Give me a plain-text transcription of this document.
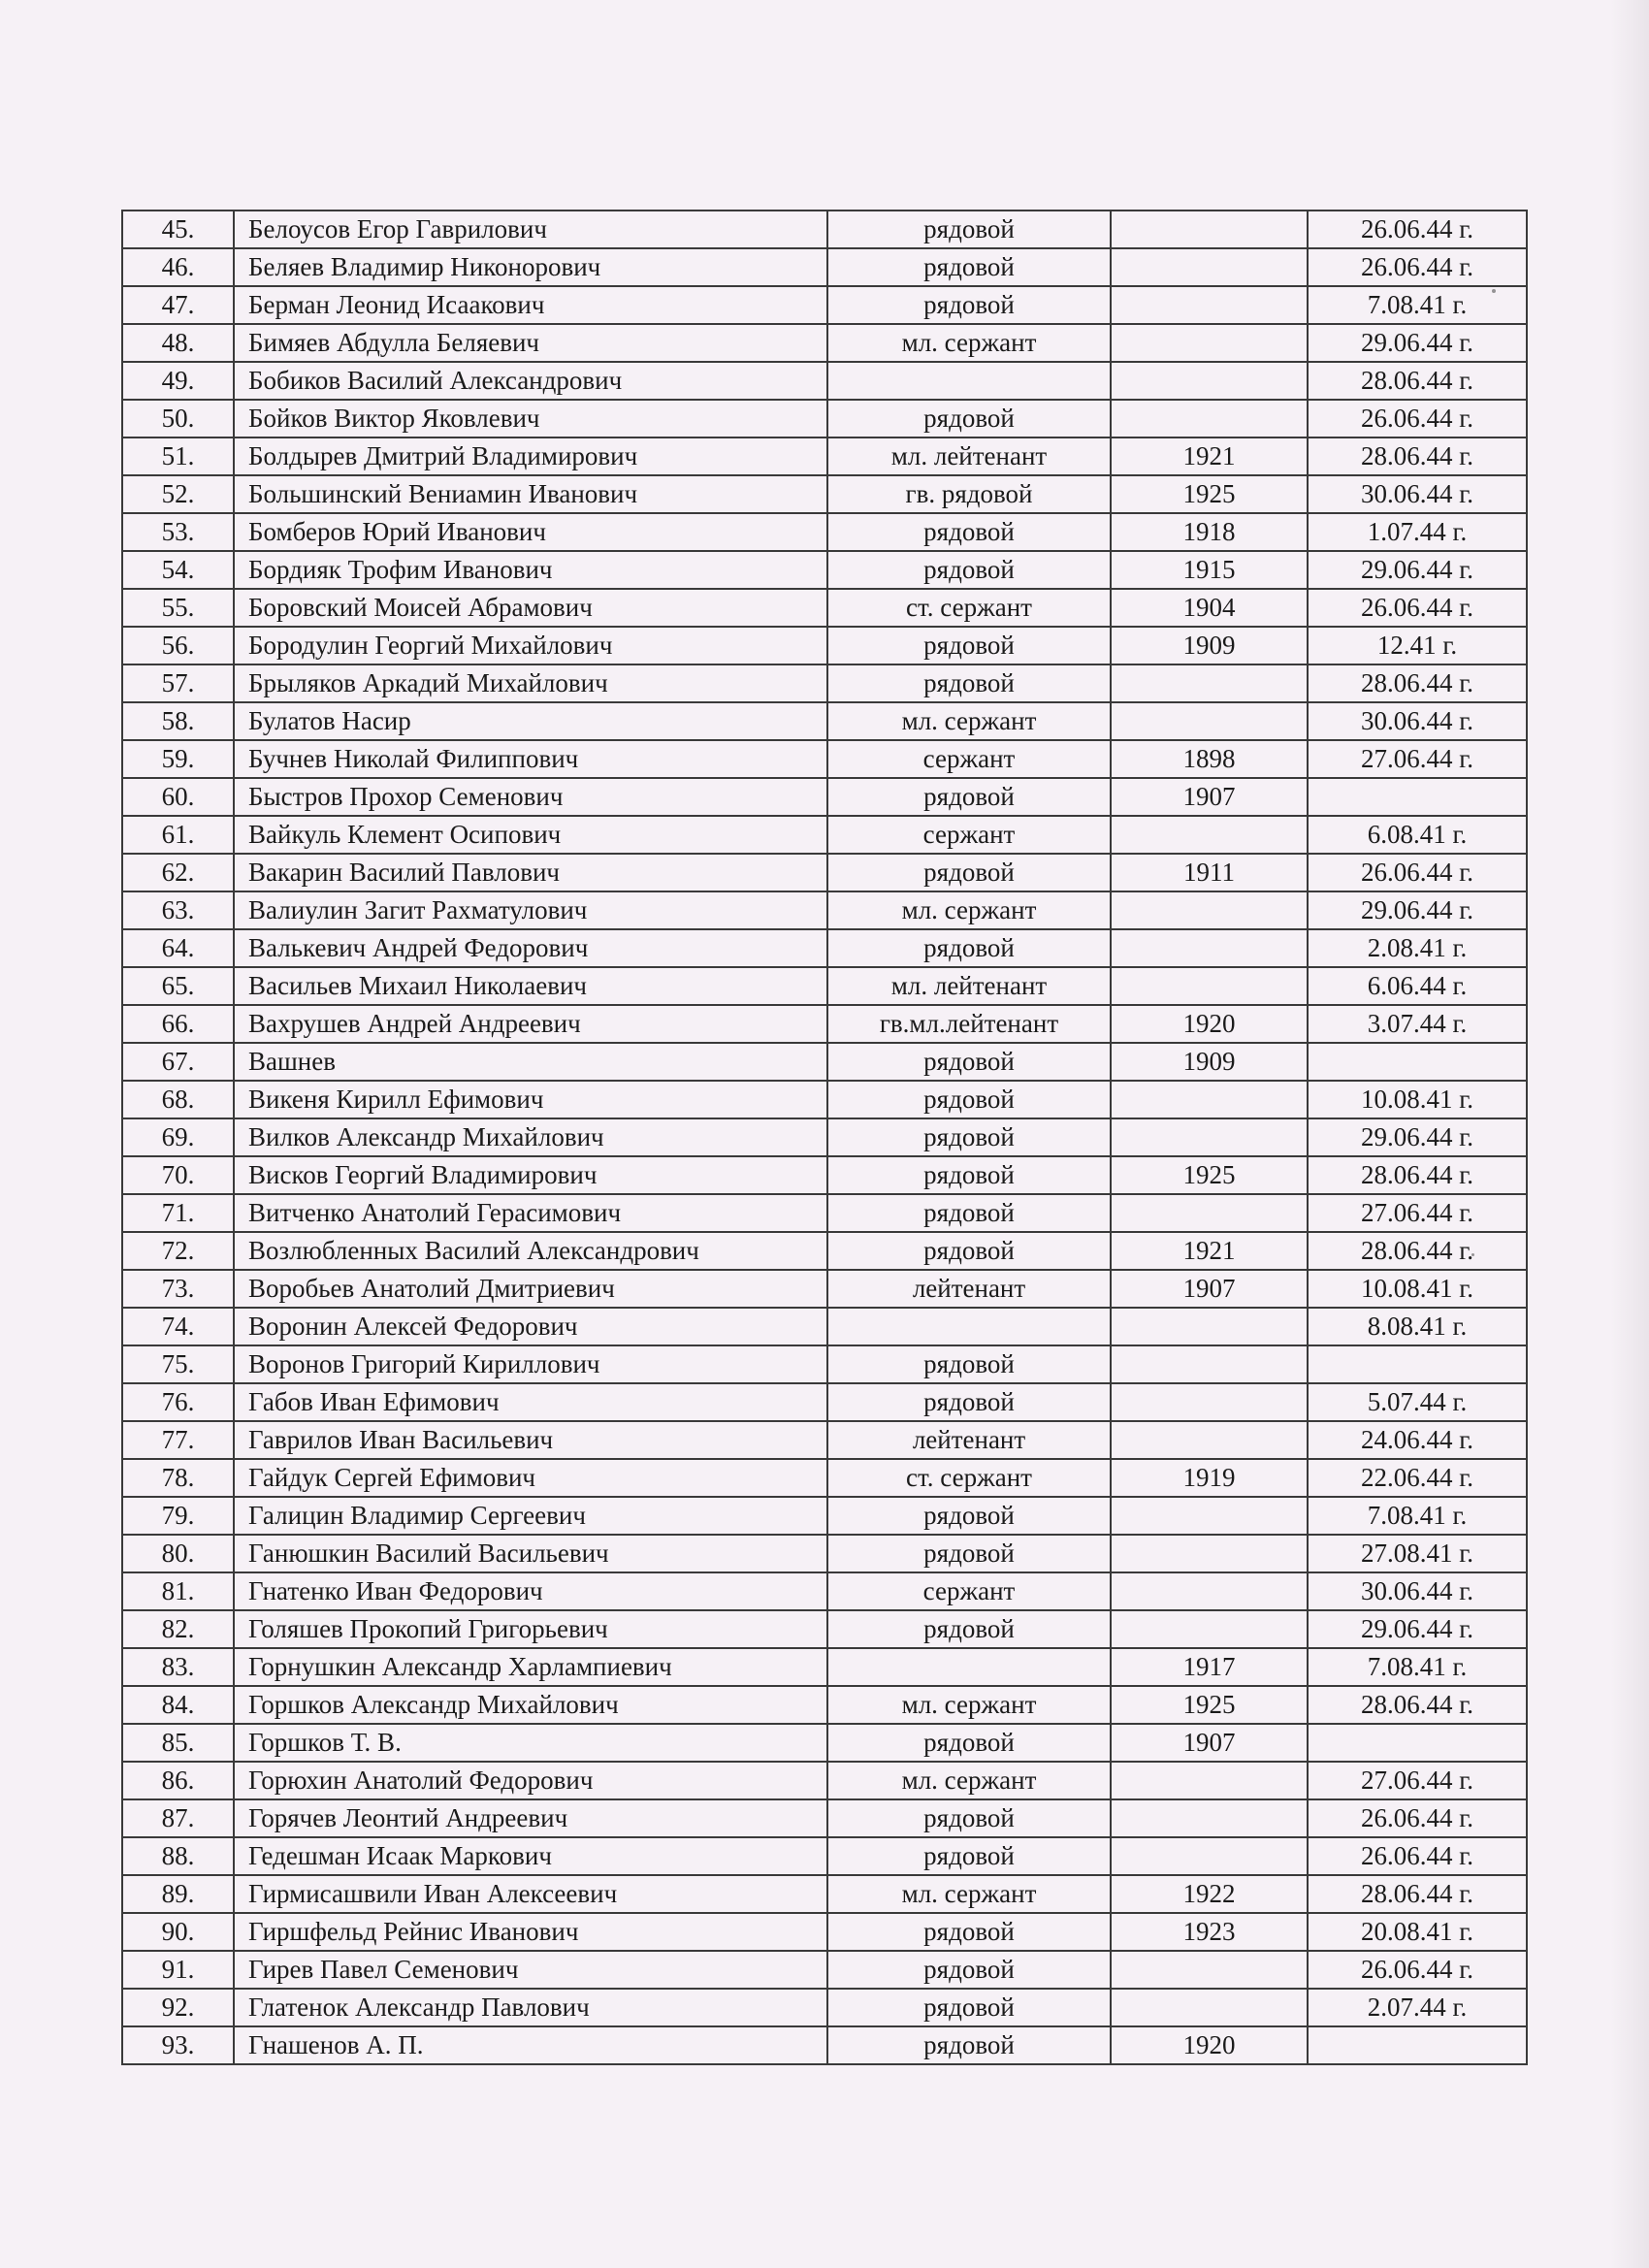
45.	Белоусов Егор Гаврилович	рядовой		26.06.44 г.
46.	Беляев Владимир Никонорович	рядовой		26.06.44 г.
47.	Берман Леонид Исаакович	рядовой		7.08.41 г.
48.	Бимяев Абдулла Беляевич	мл. сержант		29.06.44 г.
49.	Бобиков Василий Александрович			28.06.44 г.
50.	Бойков Виктор Яковлевич	рядовой		26.06.44 г.
51.	Болдырев Дмитрий Владимирович	мл. лейтенант	1921	28.06.44 г.
52.	Большинский Вениамин Иванович	гв. рядовой	1925	30.06.44 г.
53.	Бомберов Юрий Иванович	рядовой	1918	1.07.44 г.
54.	Бордияк Трофим Иванович	рядовой	1915	29.06.44 г.
55.	Боровский Моисей Абрамович	ст. сержант	1904	26.06.44 г.
56.	Бородулин Георгий Михайлович	рядовой	1909	12.41 г.
57.	Брыляков Аркадий Михайлович	рядовой		28.06.44 г.
58.	Булатов Насир	мл. сержант		30.06.44 г.
59.	Бучнев Николай Филиппович	сержант	1898	27.06.44 г.
60.	Быстров Прохор Семенович	рядовой	1907	
61.	Вайкуль Клемент Осипович	сержант		6.08.41 г.
62.	Вакарин Василий Павлович	рядовой	1911	26.06.44 г.
63.	Валиулин Загит Рахматулович	мл. сержант		29.06.44 г.
64.	Валькевич Андрей Федорович	рядовой		2.08.41 г.
65.	Васильев Михаил Николаевич	мл. лейтенант		6.06.44 г.
66.	Вахрушев Андрей Андреевич	гв.мл.лейтенант	1920	3.07.44 г.
67.	Вашнев	рядовой	1909	
68.	Викеня Кирилл Ефимович	рядовой		10.08.41 г.
69.	Вилков Александр Михайлович	рядовой		29.06.44 г.
70.	Висков Георгий Владимирович	рядовой	1925	28.06.44 г.
71.	Витченко Анатолий Герасимович	рядовой		27.06.44 г.
72.	Возлюбленных Василий Александрович	рядовой	1921	28.06.44 г.
73.	Воробьев Анатолий Дмитриевич	лейтенант	1907	10.08.41 г.
74.	Воронин Алексей Федорович			8.08.41 г.
75.	Воронов Григорий Кириллович	рядовой		
76.	Габов Иван Ефимович	рядовой		5.07.44 г.
77.	Гаврилов Иван Васильевич	лейтенант		24.06.44 г.
78.	Гайдук Сергей Ефимович	ст. сержант	1919	22.06.44 г.
79.	Галицин Владимир Сергеевич	рядовой		7.08.41 г.
80.	Ганюшкин Василий Васильевич	рядовой		27.08.41 г.
81.	Гнатенко Иван Федорович	сержант		30.06.44 г.
82.	Голяшев Прокопий Григорьевич	рядовой		29.06.44 г.
83.	Горнушкин Александр Харлампиевич		1917	7.08.41 г.
84.	Горшков Александр Михайлович	мл. сержант	1925	28.06.44 г.
85.	Горшков Т. В.	рядовой	1907	
86.	Горюхин Анатолий Федорович	мл. сержант		27.06.44 г.
87.	Горячев Леонтий Андреевич	рядовой		26.06.44 г.
88.	Гедешман Исаак Маркович	рядовой		26.06.44 г.
89.	Гирмисашвили Иван Алексеевич	мл. сержант	1922	28.06.44 г.
90.	Гиршфельд Рейнис Иванович	рядовой	1923	20.08.41 г.
91.	Гирев Павел Семенович	рядовой		26.06.44 г.
92.	Глатенок Александр Павлович	рядовой		2.07.44 г.
93.	Гнашенов А. П.	рядовой	1920	
